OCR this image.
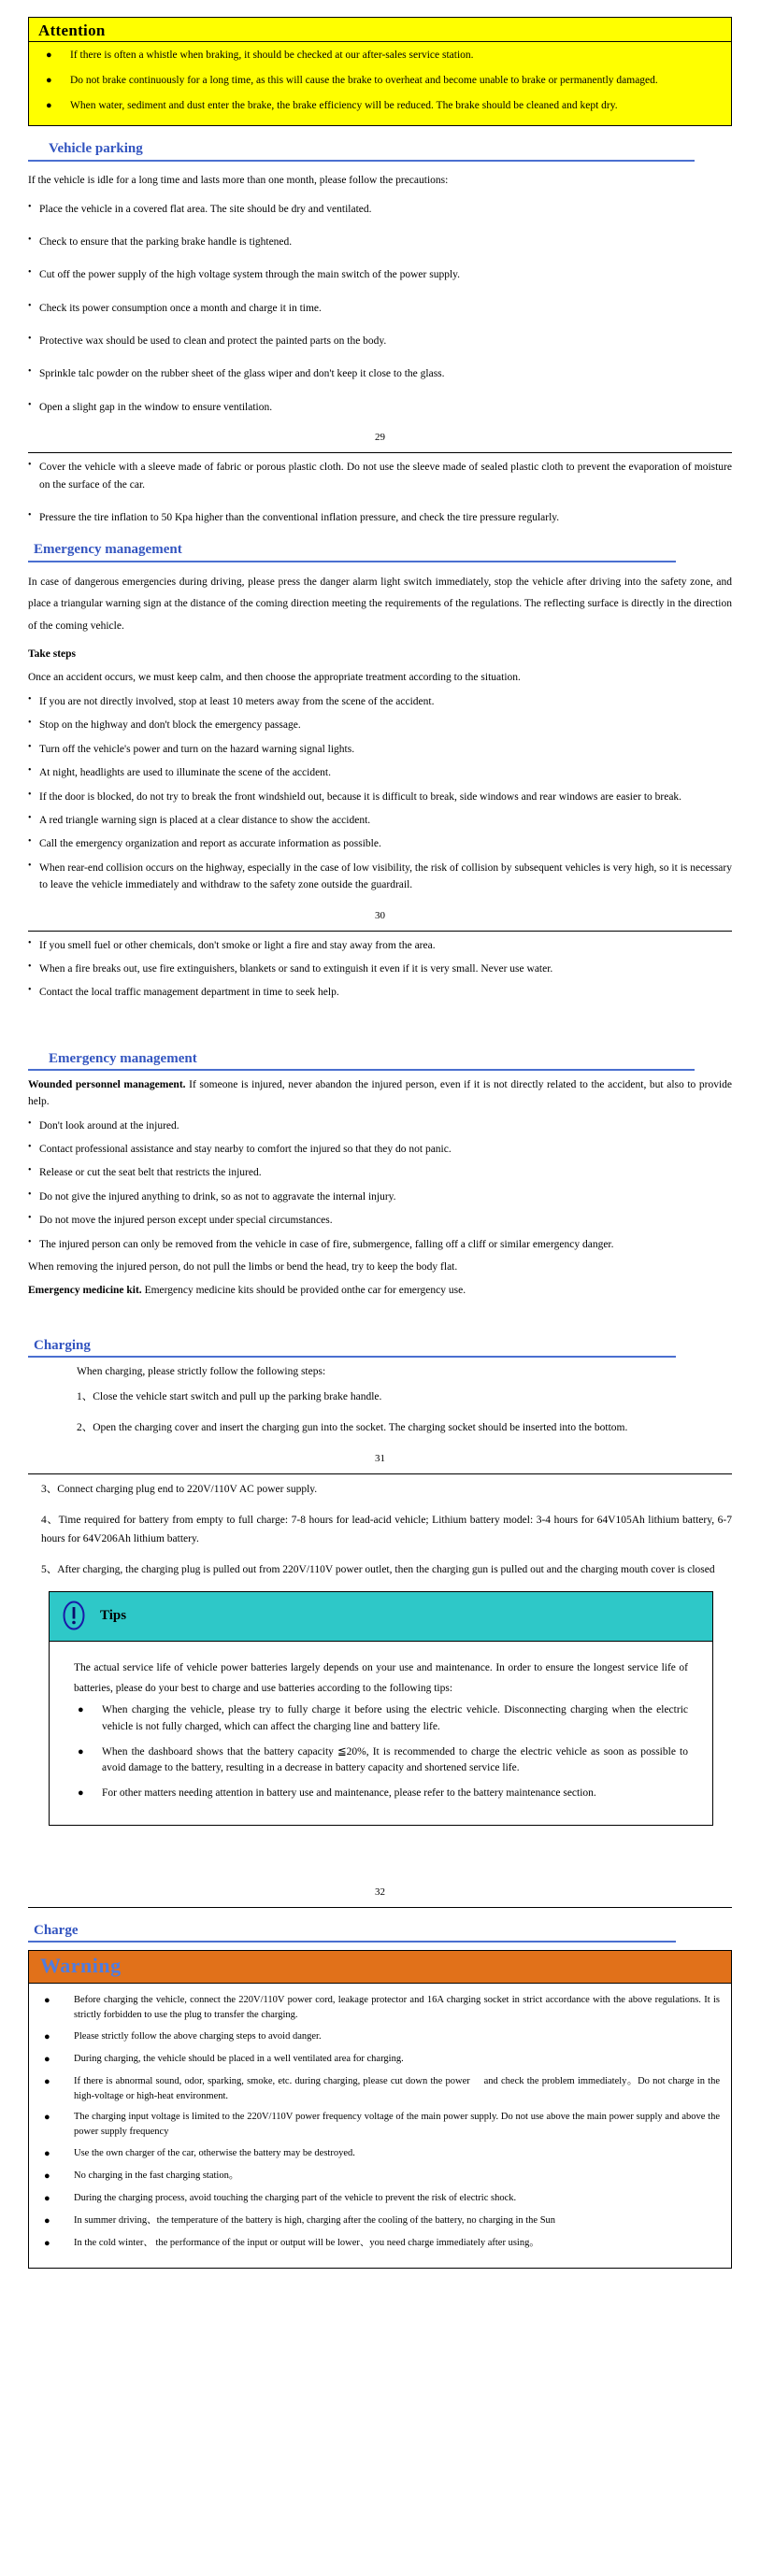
Attention
●	If there is often a whistle when braking, it should be checked at our after-sales service station.
●	Do not brake continuously for a long time, as this will cause the brake to overheat and become unable to brake or permanently damaged.
●	When water, sediment and dust enter the brake, the brake efficiency will be reduced. The brake should be cleaned and kept dry.
Vehicle parking

If the vehicle is idle for a long time and lasts more than one month, please follow the precautions:

• Place the vehicle in a covered flat area. The site should be dry and ventilated.
• Check to ensure that the parking brake handle is tightened.
• Cut off the power supply of the high voltage system through the main switch of the power supply.
• Check its power consumption once a month and charge it in time.
• Protective wax should be used to clean and protect the painted parts on the body.
• Sprinkle talc powder on the rubber sheet of the glass wiper and don't keep it close to the glass.
• Open a slight gap in the window to ensure ventilation.
29
• Cover the vehicle with a sleeve made of fabric or porous plastic cloth. Do not use the sleeve made of sealed plastic cloth to prevent the evaporation of moisture on the surface of the car.
• Pressure the tire inflation to 50 Kpa higher than the conventional inflation pressure, and check the tire pressure regularly.
Emergency management

In case of dangerous emergencies during driving, please press the danger alarm light switch immediately, stop the vehicle after driving into the safety zone, and place a triangular warning sign at the distance of the coming direction meeting the requirements of the regulations. The reflecting surface is directly in the direction of the coming vehicle.

Take steps

Once an accident occurs, we must keep calm, and then choose the appropriate treatment according to the situation.

• If you are not directly involved, stop at least 10 meters away from the scene of the accident.
• Stop on the highway and don't block the emergency passage.
• Turn off the vehicle's power and turn on the hazard warning signal lights.
• At night, headlights are used to illuminate the scene of the accident.
• If the door is blocked, do not try to break the front windshield out, because it is difficult to break, side windows and rear windows are easier to break.
• A red triangle warning sign is placed at a clear distance to show the accident.
• Call the emergency organization and report as accurate information as possible.
• When rear-end collision occurs on the highway, especially in the case of low visibility, the risk of collision by subsequent vehicles is very high, so it is necessary to leave the vehicle immediately and withdraw to the safety zone outside the guardrail.
30
• If you smell fuel or other chemicals, don't smoke or light a fire and stay away from the area.
• When a fire breaks out, use fire extinguishers, blankets or sand to extinguish it even if it is very small. Never use water.
• Contact the local traffic management department in time to seek help.
Emergency management

Wounded personnel management. If someone is injured, never abandon the injured person, even if it is not directly related to the accident, but also to provide help.

• Don't look around at the injured.
• Contact professional assistance and stay nearby to comfort the injured so that they do not panic.
• Release or cut the seat belt that restricts the injured.
• Do not give the injured anything to drink, so as not to aggravate the internal injury.
• Do not move the injured person except under special circumstances.
• The injured person can only be removed from the vehicle in case of fire, submergence, falling off a cliff or similar emergency danger.

When removing the injured person, do not pull the limbs or bend the head, try to keep the body flat.

Emergency medicine kit. Emergency medicine kits should be provided onthe car for emergency use.

Charging

When charging, please strictly follow the following steps:

1、Close the vehicle start switch and pull up the parking brake handle.
2、Open the charging cover and insert the charging gun into the socket. The charging socket should be inserted into the bottom.
31
3、Connect charging plug end to 220V/110V AC power supply.
4、Time required for battery from empty to full charge: 7-8 hours for lead-acid vehicle; Lithium battery model: 3-4 hours for 64V105Ah lithium battery, 6-7 hours for 64V206Ah lithium battery.
5、After charging, the charging plug is pulled out from 220V/110V power outlet, then the charging gun is pulled out and the charging mouth cover is closed
Tips

The actual service life of vehicle power batteries largely depends on your use and maintenance. In order to ensure the longest service life of batteries, please do your best to charge and use batteries according to the following tips:

●	When charging the vehicle, please try to fully charge it before using the electric vehicle. Disconnecting charging when the electric vehicle is not fully charged, which can affect the charging line and battery life.
●	When the dashboard shows that the battery capacity ≦20%, It is recommended to charge the electric vehicle as soon as possible to avoid damage to the battery, resulting in a decrease in battery capacity and shortened service life.
●	For other matters needing attention in battery use and maintenance, please refer to the battery maintenance section.
32
Charge
Warning
●	Before charging the vehicle, connect the 220V/110V power cord, leakage protector and 16A charging socket in strict accordance with the above regulations. It is strictly forbidden to use the plug to transfer the charging.
●	Please strictly follow the above charging steps to avoid danger.
●	During charging, the vehicle should be placed in a well ventilated area for charging.
●	If there is abnormal sound, odor, sparking, smoke, etc. during charging, please cut down the power　 and check the problem immediately。Do not charge in the high-voltage or high-heat environment.
●	The charging input voltage is limited to the 220V/110V power frequency voltage of the main power supply. Do not use above the main power supply and above the power supply frequency
●	Use the own charger of the car, otherwise the battery may be destroyed.
●	No charging in the fast charging station。
●	During the charging process, avoid touching the charging part of the vehicle to prevent the risk of electric shock.
●	In summer driving、the temperature of the battery is high, charging after the cooling of the battery, no charging in the Sun
●	In the cold winter、 the performance of the input or output will be lower、you need charge immediately after using。
